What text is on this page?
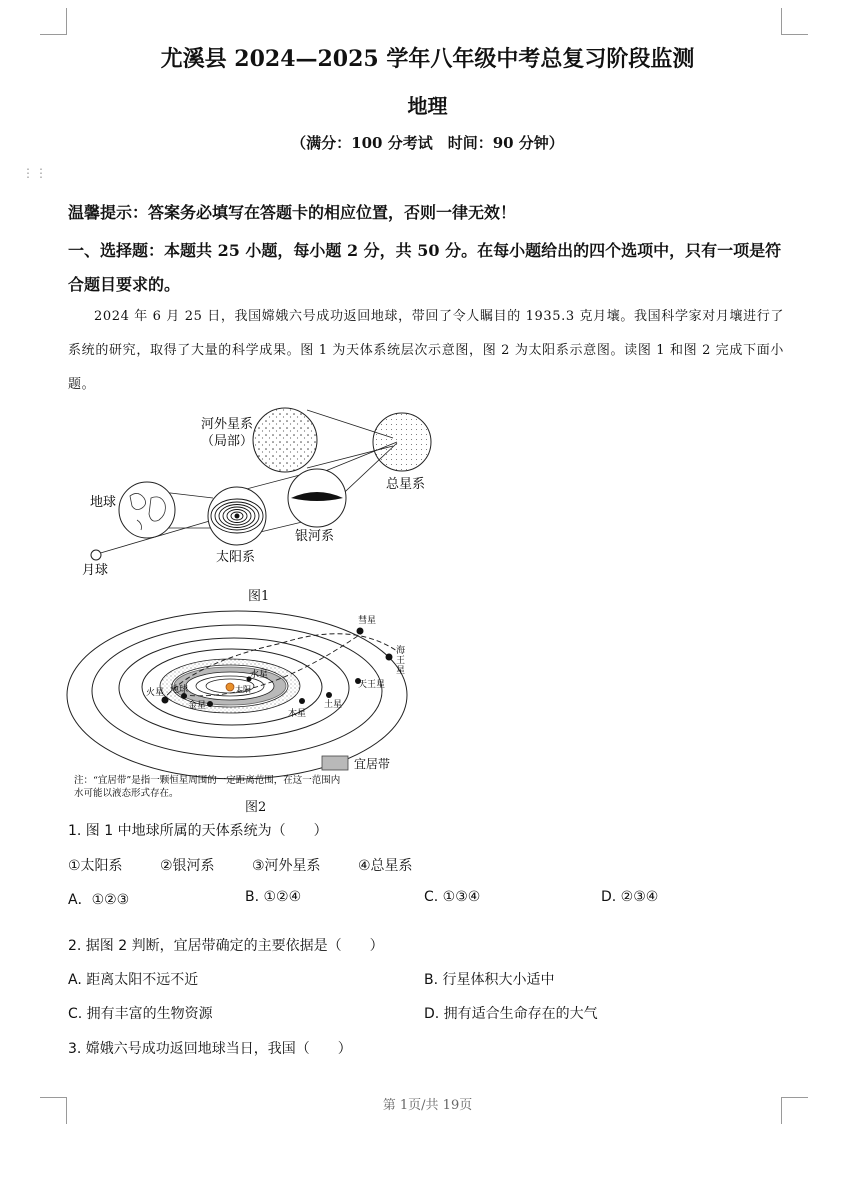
⋮⋮
尤溪县 2024—2025 学年八年级中考总复习阶段监测
地理
（满分：100 分考试　时间：90 分钟）
温馨提示：答案务必填写在答题卡的相应位置，否则一律无效！
一、选择题：本题共 25 小题，每小题 2 分，共 50 分。在每小题给出的四个选项中，只有一项是符合题目要求的。
2024 年 6 月 25 日，我国嫦娥六号成功返回地球，带回了令人瞩目的 1935.3 克月壤。我国科学家对月壤进行了系统的研究，取得了大量的科学成果。图 1 为天体系统层次示意图，图 2 为太阳系示意图。读图 1 和图 2 完成下面小题。
河外星系
（局部）
总星系
地球
太阳系
银河系
月球
图1
彗星
海
王
星
天王星
土星
木星
火星 地球
金星
水星
太阳
宜居带
注：“宜居带”是指一颗恒星周围的一定距离范围，在这一范围内
水可能以液态形式存在。
图2
1. 图 1 中地球所属的天体系统为（　　）
①太阳系	②银河系	③河外星系	④总星系
A．①②③	B. ①②④	C. ①③④	D. ②③④
2. 据图 2 判断，宜居带确定的主要依据是（　　）
A. 距离太阳不远不近	B. 行星体积大小适中
C. 拥有丰富的生物资源	D. 拥有适合生命存在的大气
3. 嫦娥六号成功返回地球当日，我国（　　）
第 1页/共 19页
